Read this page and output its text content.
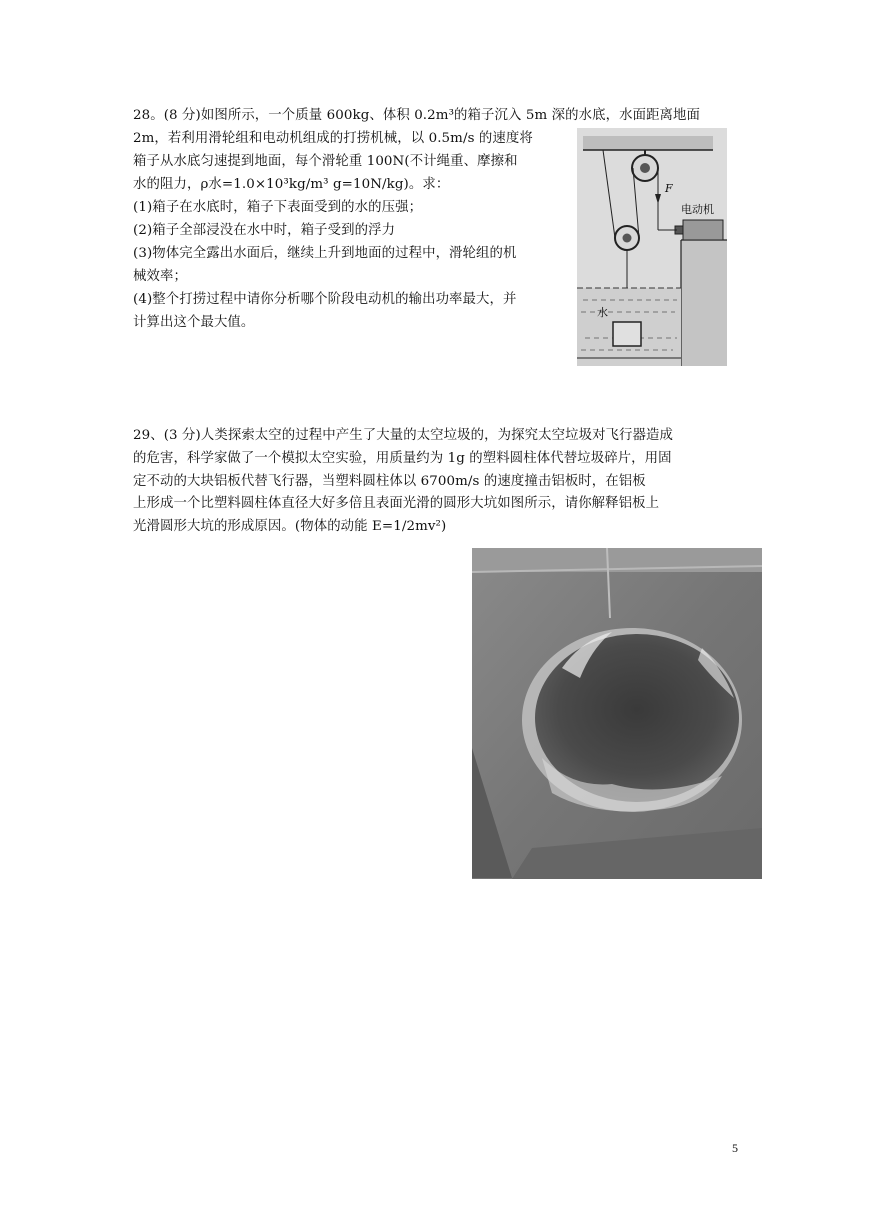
28。(8 分)如图所示，一个质量 600kg、体积 0.2m³的箱子沉入 5m 深的水底，水面距离地面
2m，若利用滑轮组和电动机组成的打捞机械，以 0.5m/s 的速度将
箱子从水底匀速提到地面，每个滑轮重 100N(不计绳重、摩擦和
水的阻力，ρ水=1.0×10³kg/m³ g=10N/kg)。求：
(1)箱子在水底时，箱子下表面受到的水的压强；
(2)箱子全部浸没在水中时，箱子受到的浮力
(3)物体完全露出水面后，继续上升到地面的过程中，滑轮组的机
械效率；
(4)整个打捞过程中请你分析哪个阶段电动机的输出功率最大，并
计算出这个最大值。
F
电动机
水
29、(3 分)人类探索太空的过程中产生了大量的太空垃圾的，为探究太空垃圾对飞行器造成
的危害，科学家做了一个模拟太空实验，用质量约为 1g 的塑料圆柱体代替垃圾碎片，用固
定不动的大块铝板代替飞行器，当塑料圆柱体以 6700m/s 的速度撞击铝板时，在铝板
上形成一个比塑料圆柱体直径大好多倍且表面光滑的圆形大坑如图所示，请你解释铝板上
光滑圆形大坑的形成原因。(物体的动能 E=1/2mv²)
5
